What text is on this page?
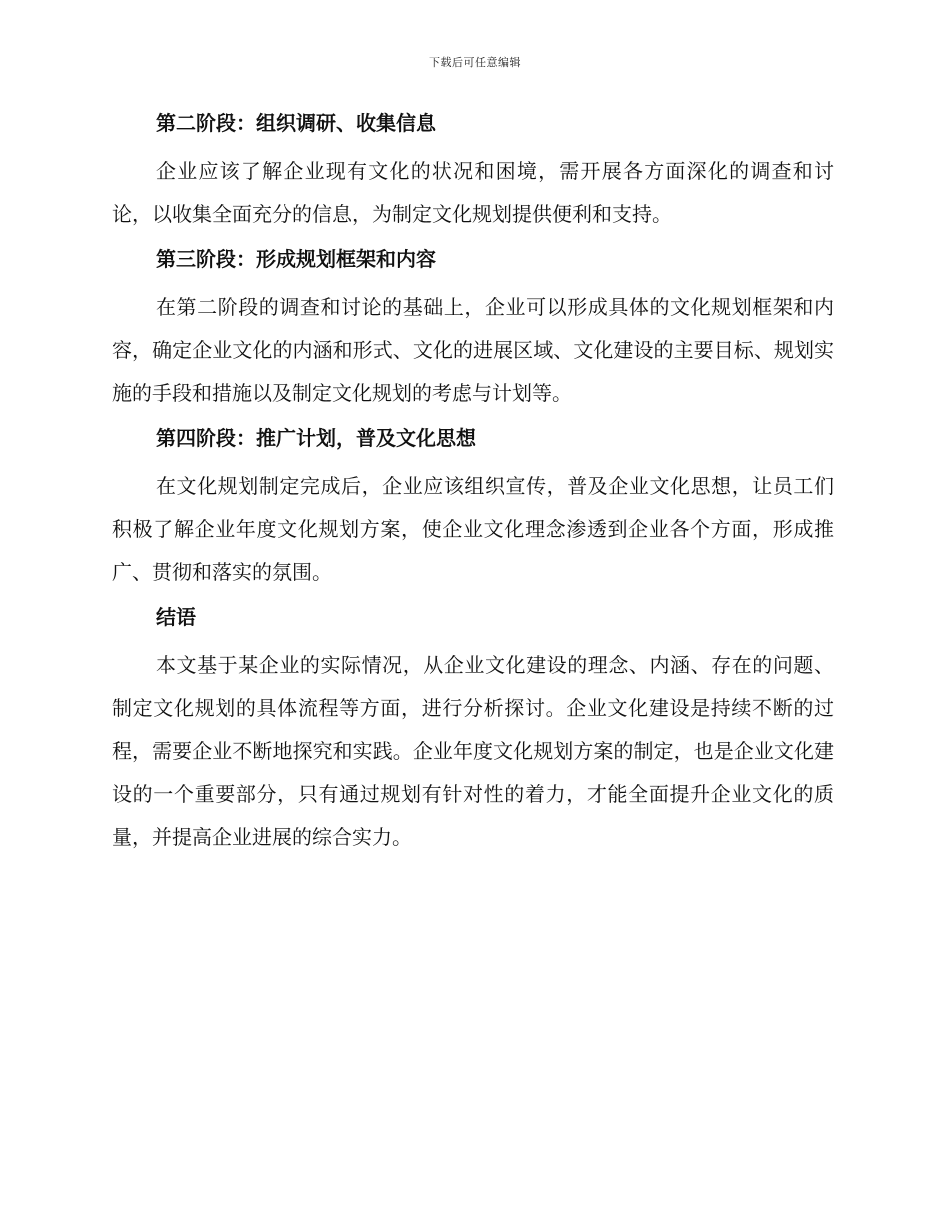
下载后可任意编辑

第二阶段：组织调研、收集信息

企业应该了解企业现有文化的状况和困境，需开展各方面深化的调查和讨论，以收集全面充分的信息，为制定文化规划提供便利和支持。

第三阶段：形成规划框架和内容

在第二阶段的调查和讨论的基础上，企业可以形成具体的文化规划框架和内容，确定企业文化的内涵和形式、文化的进展区域、文化建设的主要目标、规划实施的手段和措施以及制定文化规划的考虑与计划等。

第四阶段：推广计划，普及文化思想

在文化规划制定完成后，企业应该组织宣传，普及企业文化思想，让员工们积极了解企业年度文化规划方案，使企业文化理念渗透到企业各个方面，形成推广、贯彻和落实的氛围。

结语

本文基于某企业的实际情况，从企业文化建设的理念、内涵、存在的问题、制定文化规划的具体流程等方面，进行分析探讨。企业文化建设是持续不断的过程，需要企业不断地探究和实践。企业年度文化规划方案的制定，也是企业文化建设的一个重要部分，只有通过规划有针对性的着力，才能全面提升企业文化的质量，并提高企业进展的综合实力。
